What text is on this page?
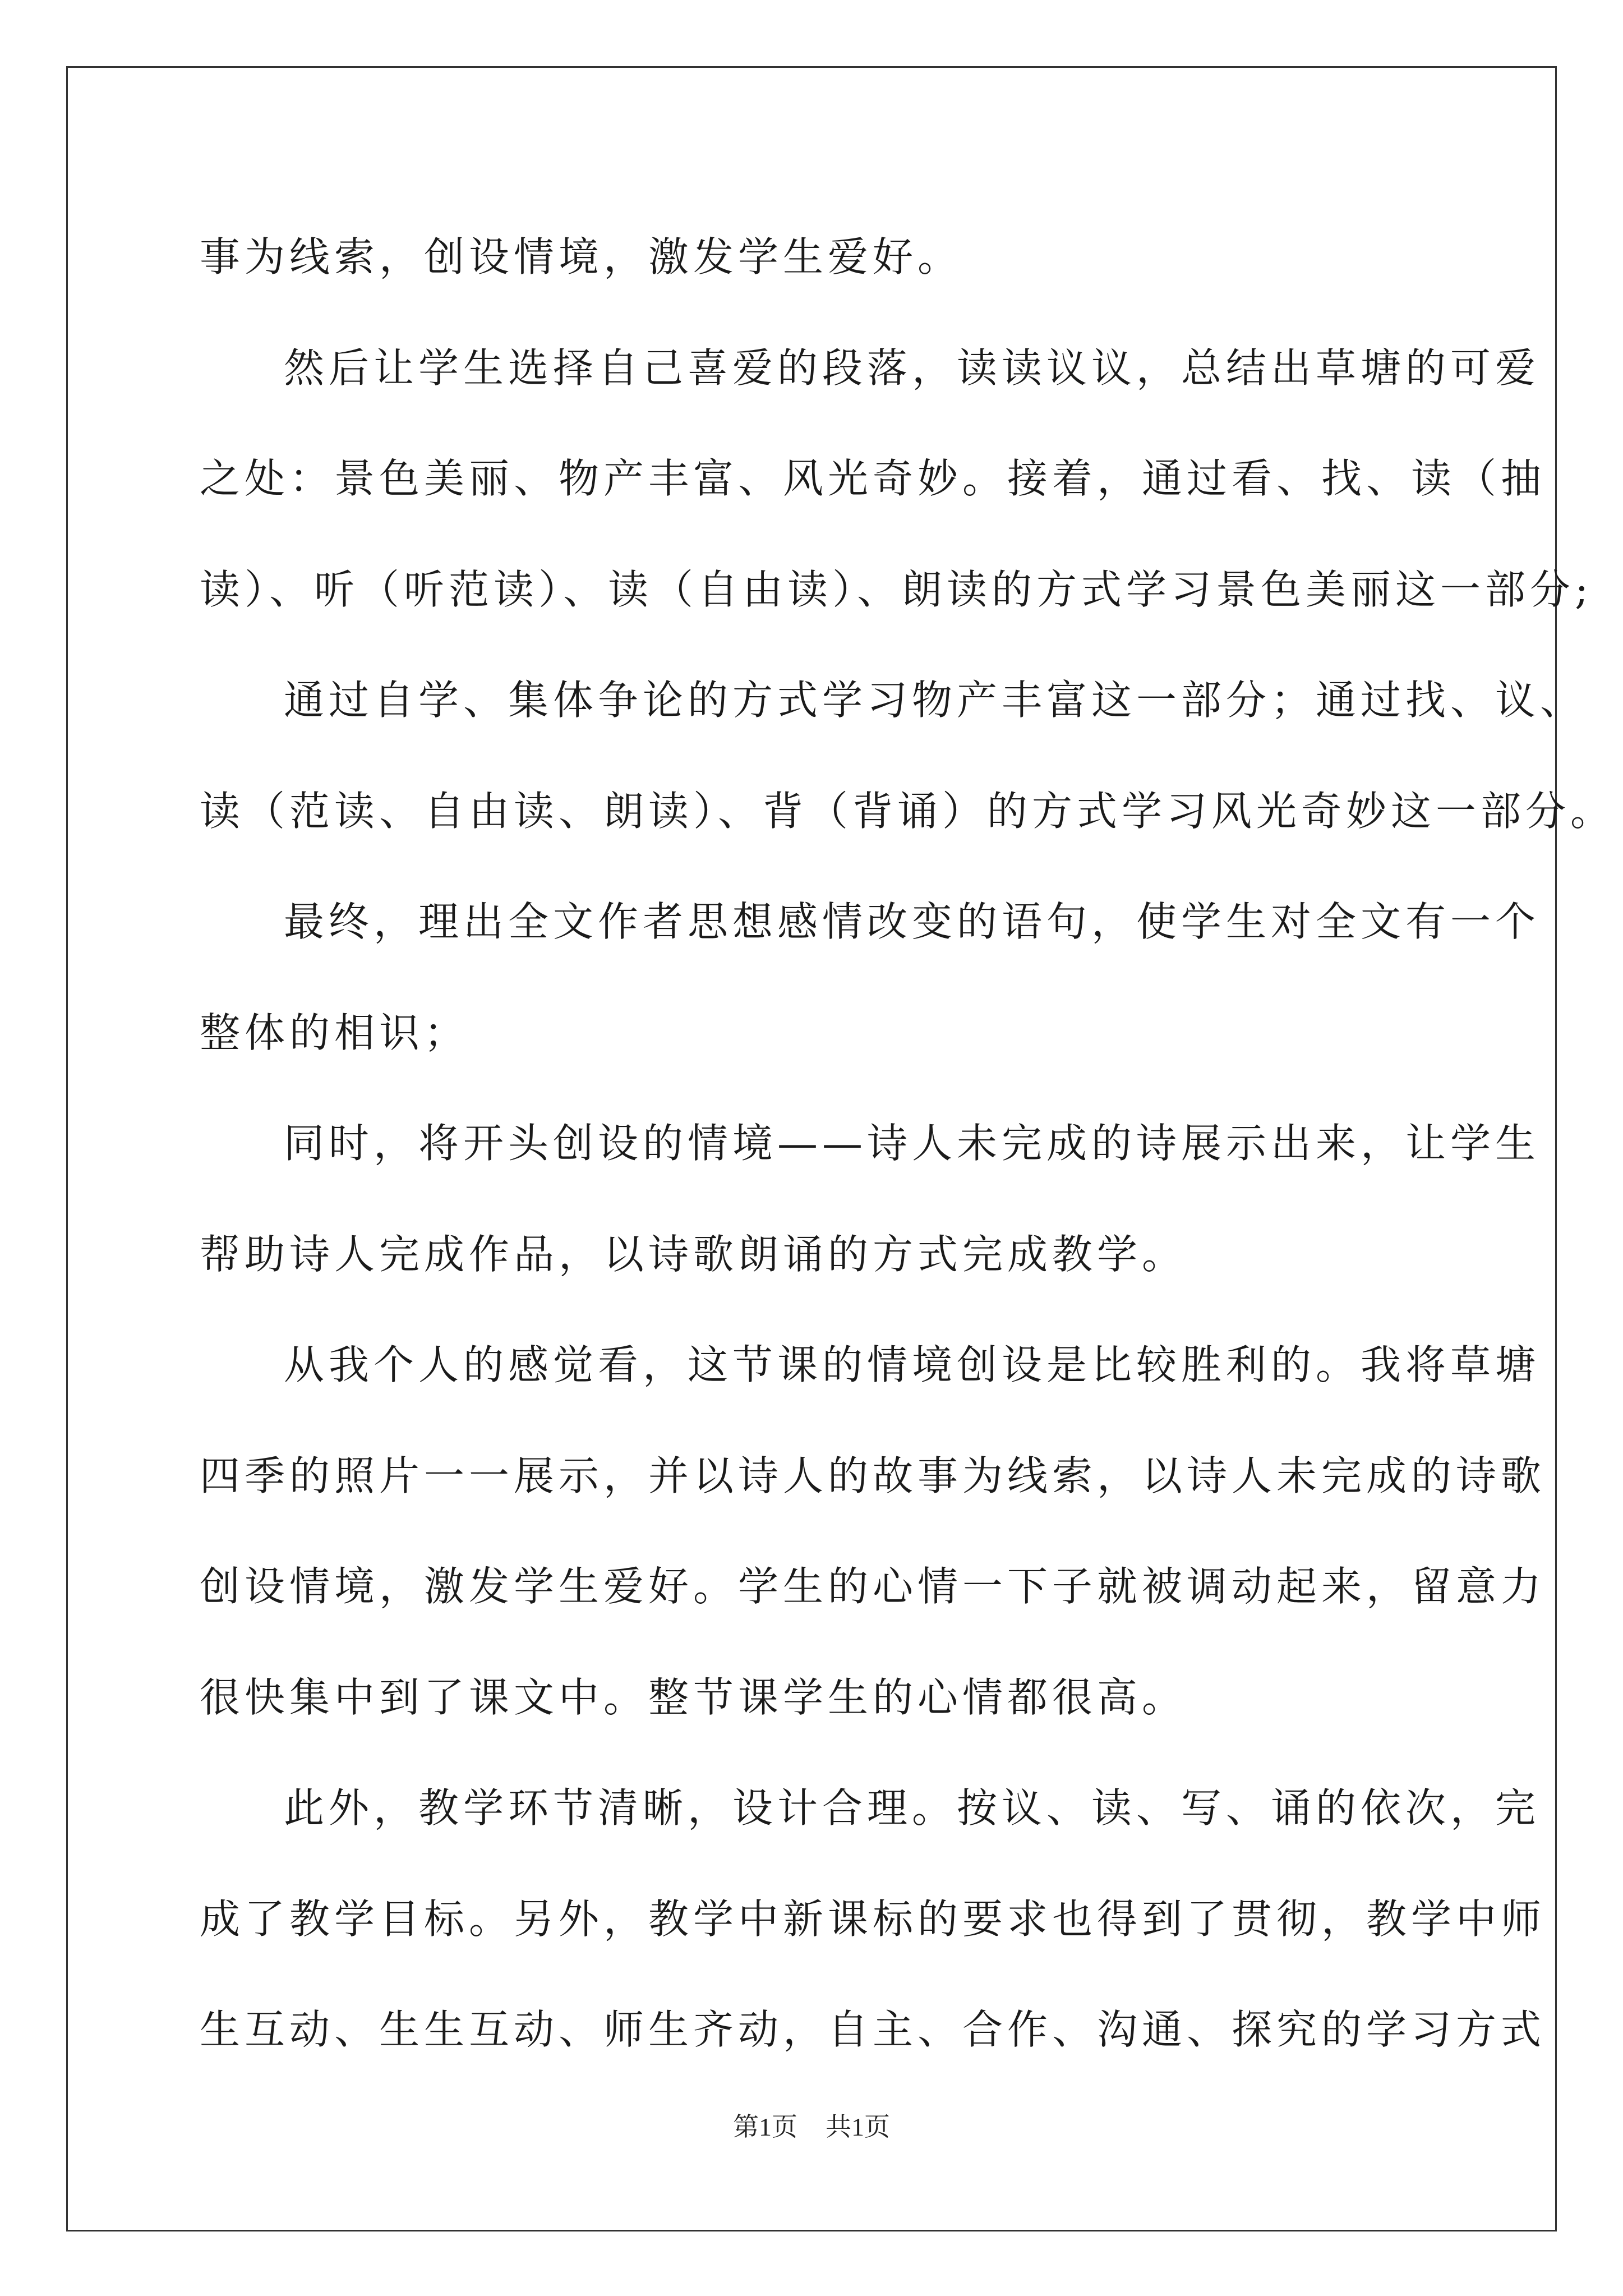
事为线索，创设情境，激发学生爱好。
然后让学生选择自己喜爱的段落，读读议议，总结出草塘的可爱
之处：景色美丽、物产丰富、风光奇妙。接着，通过看、找、读（抽
读）、听（听范读）、读（自由读）、朗读的方式学习景色美丽这一部分;
通过自学、集体争论的方式学习物产丰富这一部分；通过找、议、
读（范读、自由读、朗读）、背（背诵）的方式学习风光奇妙这一部分。
最终，理出全文作者思想感情改变的语句，使学生对全文有一个
整体的相识；
同时，将开头创设的情境——诗人未完成的诗展示出来，让学生
帮助诗人完成作品，以诗歌朗诵的方式完成教学。
从我个人的感觉看，这节课的情境创设是比较胜利的。我将草塘
四季的照片一一展示，并以诗人的故事为线索，以诗人未完成的诗歌
创设情境，激发学生爱好。学生的心情一下子就被调动起来，留意力
很快集中到了课文中。整节课学生的心情都很高。
此外，教学环节清晰，设计合理。按议、读、写、诵的依次，完
成了教学目标。另外，教学中新课标的要求也得到了贯彻，教学中师
生互动、生生互动、师生齐动，自主、合作、沟通、探究的学习方式
第1页 共1页
